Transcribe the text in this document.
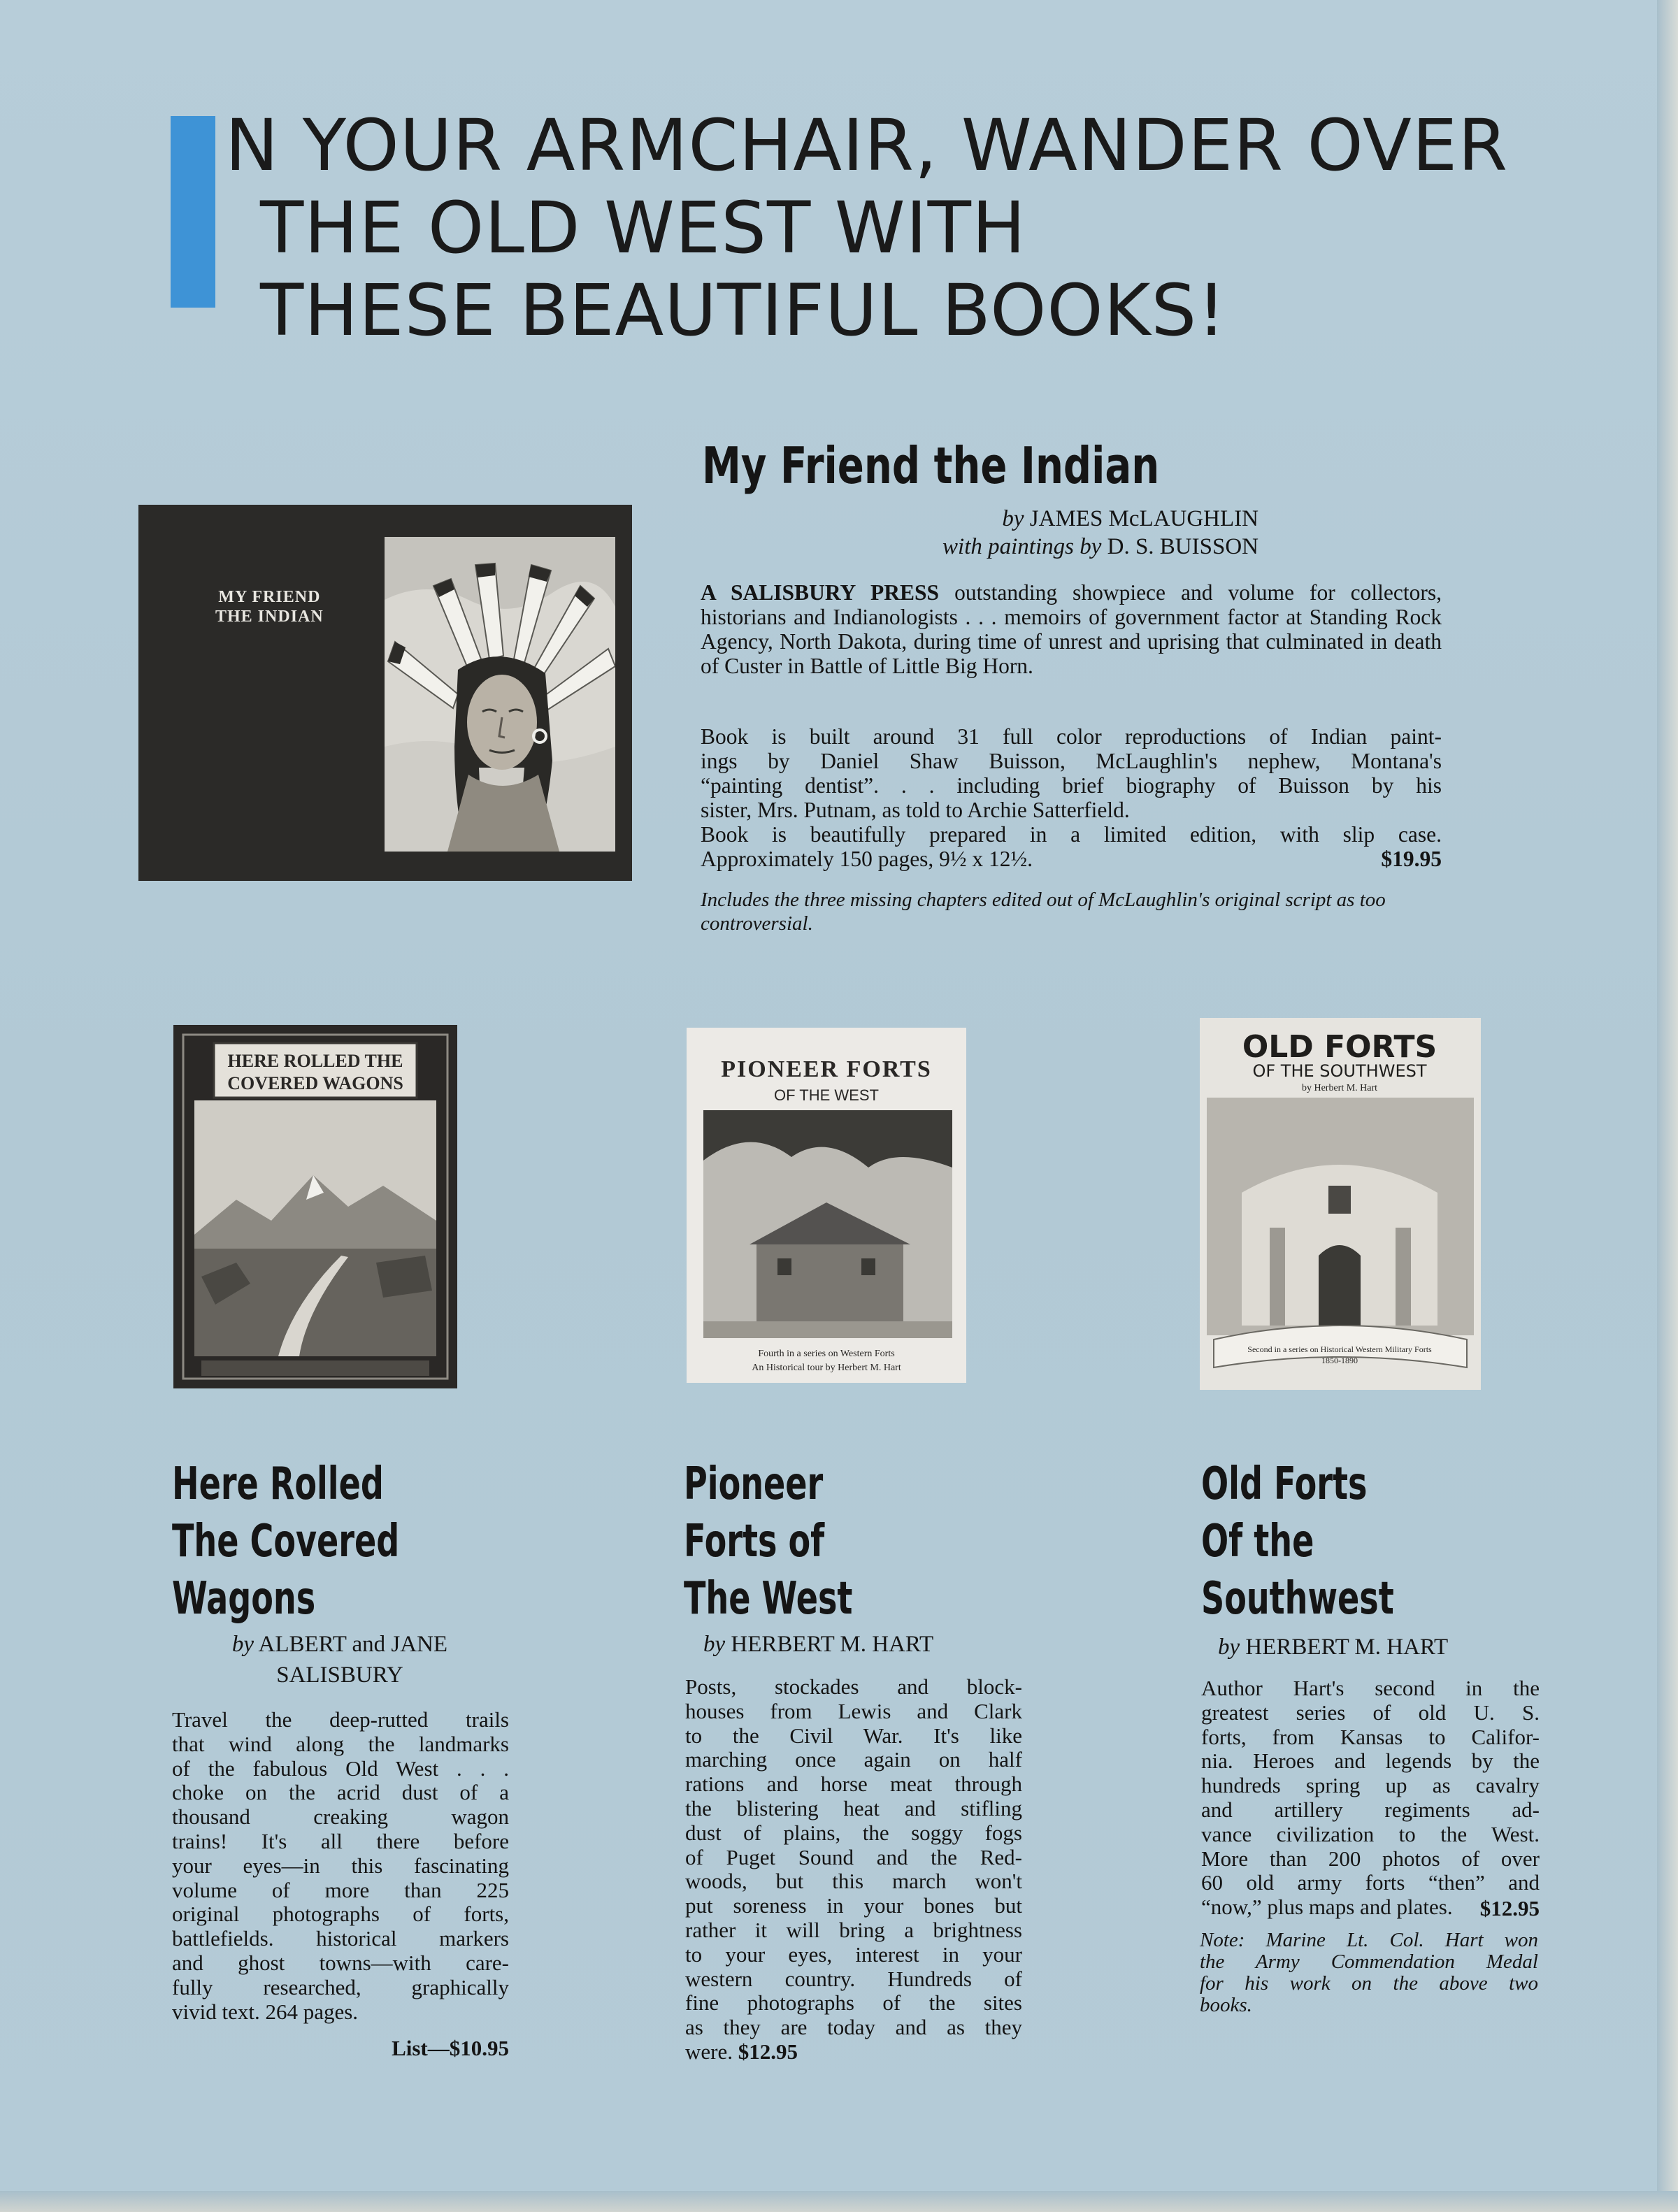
N YOUR ARMCHAIR, WANDER OVER
THE OLD WEST WITH
THESE BEAUTIFUL BOOKS!
MY FRIEND
THE INDIAN
My Friend the Indian
by JAMES McLAUGHLIN
with paintings by D. S. BUISSON

A SALISBURY PRESS outstanding showpiece and volume for collectors, historians and Indianologists . . . memoirs of government factor at Standing Rock Agency, North Dakota, during time of unrest and uprising that culminated in death of Custer in Battle of Little Big Horn.

Book is built around 31 full color reproductions of Indian paint-
ings by Daniel Shaw Buisson, McLaughlin's nephew, Montana's
“painting dentist”. . . including brief biography of Buisson by his
sister, Mrs. Putnam, as told to Archie Satterfield.
Book is beautifully prepared in a limited edition, with slip case.
Approximately 150 pages, 9½ x 12½.	$19.95

Includes the three missing chapters edited out of McLaughlin's original script as too controversial.

HERE ROLLED THE
COVERED WAGONS
PIONEER FORTS
OF THE WEST
Fourth in a series on Western Forts
An Historical tour by Herbert M. Hart
OLD FORTS
OF THE SOUTHWEST
by Herbert M. Hart
Second in a series on Historical Western Military Forts
1850-1890
Here Rolled
The Covered
Wagons
Pioneer
Forts of
The West
Old Forts
Of the
Southwest
by ALBERT and JANE
SALISBURY
by HERBERT M. HART	by HERBERT M. HART

Travel the deep-rutted trails
that wind along the landmarks
of the fabulous Old West . . .
choke on the acrid dust of a
thousand creaking wagon
trains! It's all there before
your eyes—in this fascinating
volume of more than 225
original photographs of forts,
battlefields. historical markers
and ghost towns—with care-
fully researched, graphically
vivid text. 264 pages.

List—$10.95

Posts, stockades and block-
houses from Lewis and Clark
to the Civil War. It's like
marching once again on half
rations and horse meat through
the blistering heat and stifling
dust of plains, the soggy fogs
of Puget Sound and the Red-
woods, but this march won't
put soreness in your bones but
rather it will bring a brightness
to your eyes, interest in your
western country. Hundreds of
fine photographs of the sites
as they are today and as they
were. $12.95

Author Hart's second in the
greatest series of old U. S.
forts, from Kansas to Califor-
nia. Heroes and legends by the
hundreds spring up as cavalry
and artillery regiments ad-
vance civilization to the West.
More than 200 photos of over
60 old army forts “then” and
“now,” plus maps and plates.	$12.95

Note: Marine Lt. Col. Hart won
the Army Commendation Medal
for his work on the above two
books.
